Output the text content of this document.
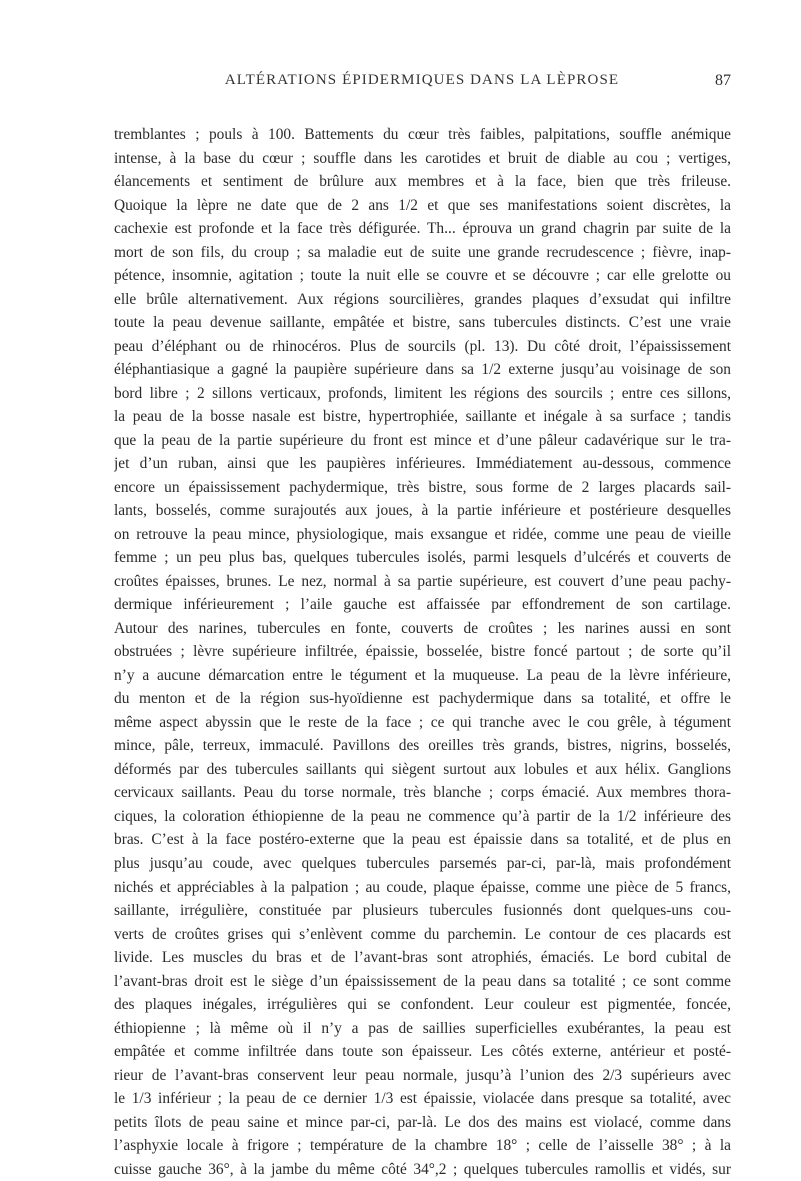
ALTÉRATIONS ÉPIDERMIQUES DANS LA LÈPROSE	87
tremblantes ; pouls à 100. Battements du cœur très faibles, palpitations, souffle anémique
intense, à la base du cœur ; souffle dans les carotides et bruit de diable au cou ; vertiges,
élancements et sentiment de brûlure aux membres et à la face, bien que très frileuse.
Quoique la lèpre ne date que de 2 ans 1/2 et que ses manifestations soient discrètes, la
cachexie est profonde et la face très défigurée. Th... éprouva un grand chagrin par suite de la
mort de son fils, du croup ; sa maladie eut de suite une grande recrudescence ; fièvre, inap-
pétence, insomnie, agitation ; toute la nuit elle se couvre et se découvre ; car elle grelotte ou
elle brûle alternativement. Aux régions sourcilières, grandes plaques d’exsudat qui infiltre
toute la peau devenue saillante, empâtée et bistre, sans tubercules distincts. C’est une vraie
peau d’éléphant ou de rhinocéros. Plus de sourcils (pl. 13). Du côté droit, l’épaississement
éléphantiasique a gagné la paupière supérieure dans sa 1/2 externe jusqu’au voisinage de son
bord libre ; 2 sillons verticaux, profonds, limitent les régions des sourcils ; entre ces sillons,
la peau de la bosse nasale est bistre, hypertrophiée, saillante et inégale à sa surface ; tandis
que la peau de la partie supérieure du front est mince et d’une pâleur cadavérique sur le tra-
jet d’un ruban, ainsi que les paupières inférieures. Immédiatement au-dessous, commence
encore un épaississement pachydermique, très bistre, sous forme de 2 larges placards sail-
lants, bosselés, comme surajoutés aux joues, à la partie inférieure et postérieure desquelles
on retrouve la peau mince, physiologique, mais exsangue et ridée, comme une peau de vieille
femme ; un peu plus bas, quelques tubercules isolés, parmi lesquels d’ulcérés et couverts de
croûtes épaisses, brunes. Le nez, normal à sa partie supérieure, est couvert d’une peau pachy-
dermique inférieurement ; l’aile gauche est affaissée par effondrement de son cartilage.
Autour des narines, tubercules en fonte, couverts de croûtes ; les narines aussi en sont
obstruées ; lèvre supérieure infiltrée, épaissie, bosselée, bistre foncé partout ; de sorte qu’il
n’y a aucune démarcation entre le tégument et la muqueuse. La peau de la lèvre inférieure,
du menton et de la région sus-hyoïdienne est pachydermique dans sa totalité, et offre le
même aspect abyssin que le reste de la face ; ce qui tranche avec le cou grêle, à tégument
mince, pâle, terreux, immaculé. Pavillons des oreilles très grands, bistres, nigrins, bosselés,
déformés par des tubercules saillants qui siègent surtout aux lobules et aux hélix. Ganglions
cervicaux saillants. Peau du torse normale, très blanche ; corps émacié. Aux membres thora-
ciques, la coloration éthiopienne de la peau ne commence qu’à partir de la 1/2 inférieure des
bras. C’est à la face postéro-externe que la peau est épaissie dans sa totalité, et de plus en
plus jusqu’au coude, avec quelques tubercules parsemés par-ci, par-là, mais profondément
nichés et appréciables à la palpation ; au coude, plaque épaisse, comme une pièce de 5 francs,
saillante, irrégulière, constituée par plusieurs tubercules fusionnés dont quelques-uns cou-
verts de croûtes grises qui s’enlèvent comme du parchemin. Le contour de ces placards est
livide. Les muscles du bras et de l’avant-bras sont atrophiés, émaciés. Le bord cubital de
l’avant-bras droit est le siège d’un épaississement de la peau dans sa totalité ; ce sont comme
des plaques inégales, irrégulières qui se confondent. Leur couleur est pigmentée, foncée,
éthiopienne ; là même où il n’y a pas de saillies superficielles exubérantes, la peau est
empâtée et comme infiltrée dans toute son épaisseur. Les côtés externe, antérieur et posté-
rieur de l’avant-bras conservent leur peau normale, jusqu’à l’union des 2/3 supérieurs avec
le 1/3 inférieur ; la peau de ce dernier 1/3 est épaissie, violacée dans presque sa totalité, avec
petits îlots de peau saine et mince par-ci, par-là. Le dos des mains est violacé, comme dans
l’asphyxie locale à frigore ; température de la chambre 18° ; celle de l’aisselle 38° ; à la
cuisse gauche 36°, à la jambe du même côté 34°,2 ; quelques tubercules ramollis et vidés, sur
